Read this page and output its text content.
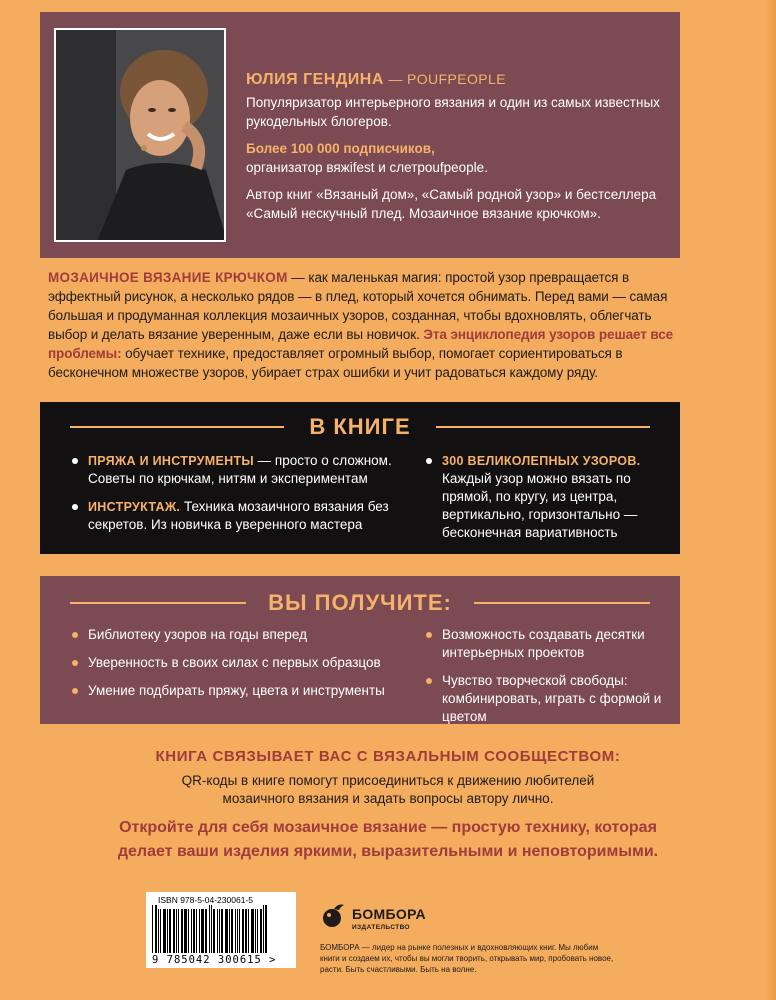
ЮЛИЯ ГЕНДИНА — POUFPEOPLE

Популяризатор интерьерного вязания и один из самых известных рукодельных блогеров.

Более 100 000 подписчиков,
организатор вяжifest и слетpoufpeople.

Автор книг «Вязаный дом», «Самый родной узор» и бестселлера «Самый нескучный плед. Мозаичное вязание крючком».

МОЗАИЧНОЕ ВЯЗАНИЕ КРЮЧКОМ — как маленькая магия: простой узор превращается в эффектный рисунок, а несколько рядов — в плед, который хочется обнимать. Перед вами — самая большая и продуманная коллекция мозаичных узоров, созданная, чтобы вдохновлять, облегчать выбор и делать вязание уверенным, даже если вы новичок. Эта энциклопедия узоров решает все проблемы: обучает технике, предоставляет огромный выбор, помогает сориентироваться в бесконечном множестве узоров, убирает страх ошибки и учит радоваться каждому ряду.
В КНИГЕ
ПРЯЖА И ИНСТРУМЕНТЫ — просто о сложном. Советы по крючкам, нитям и экспериментам
ИНСТРУКТАЖ. Техника мозаичного вязания без секретов. Из новичка в уверенного мастера
300 ВЕЛИКОЛЕПНЫХ УЗОРОВ. Каждый узор можно вязать по прямой, по кругу, из центра, вертикально, горизонтально — бесконечная вариативность
ВЫ ПОЛУЧИТЕ:
Библиотеку узоров на годы вперед
Уверенность в своих силах с первых образцов
Умение подбирать пряжу, цвета и инструменты
Возможность создавать десятки интерьерных проектов
Чувство творческой свободы: комбинировать, играть с формой и цветом
КНИГА СВЯЗЫВАЕТ ВАС С ВЯЗАЛЬНЫМ СООБЩЕСТВОМ:
QR-коды в книге помогут присоединиться к движению любителей
мозаичного вязания и задать вопросы автору лично.
Откройте для себя мозаичное вязание — простую технику, которая
делает ваши изделия яркими, выразительными и неповторимыми.
ISBN 978-5-04-230061-5
9 785042 300615 >
БОМБОРА
ИЗДАТЕЛЬСТВО
БОМБОРА — лидер на рынке полезных и вдохновляющих книг. Мы любим книги и создаем их, чтобы вы могли творить, открывать мир, пробовать новое, расти. Быть счастливыми. Быть на волне.
